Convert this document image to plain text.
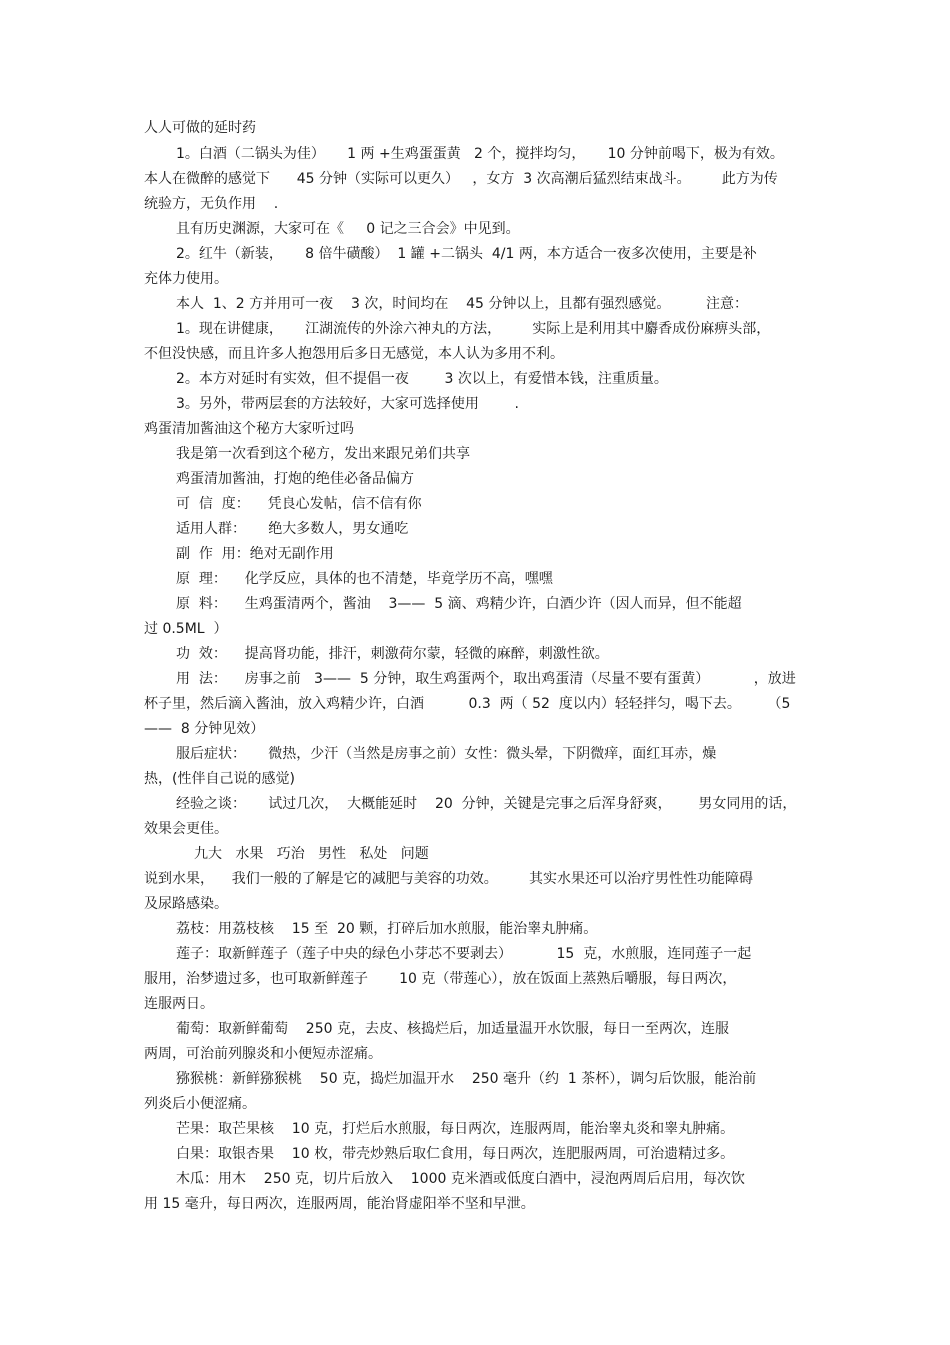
人人可做的延时药

1。白酒（二锅头为佳）     1 两 +生鸡蛋蛋黄   2 个，搅拌均匀，     10 分钟前喝下，极为有效。

本人在微醉的感觉下      45 分钟（实际可以更久）   ，女方  3 次高潮后猛烈结束战斗。       此方为传

统验方，无负作用    .

且有历史渊源，大家可在《     0 记之三合会》中见到。

2。红牛（新装，     8 倍牛磺酸）  1 罐 +二锅头  4/1 两，本方适合一夜多次使用，主要是补

充体力使用。

本人  1、2 方并用可一夜    3 次，时间均在    45 分钟以上，且都有强烈感觉。        注意：

1。现在讲健康，     江湖流传的外涂六神丸的方法，       实际上是利用其中麝香成份麻痹头部，

不但没快感，而且许多人抱怨用后多日无感觉，本人认为多用不利。

2。本方对延时有实效，但不提倡一夜        3 次以上，有爱惜本钱，注重质量。

3。另外，带两层套的方法较好，大家可选择使用        .

鸡蛋清加酱油这个秘方大家听过吗

我是第一次看到这个秘方，发出来跟兄弟们共享

鸡蛋清加酱油，打炮的绝佳必备品偏方

可  信  度：    凭良心发帖，信不信有你

适用人群：     绝大多数人，男女通吃

副  作  用：绝对无副作用

原  理：    化学反应，具体的也不清楚，毕竟学历不高，嘿嘿

原  料：    生鸡蛋清两个，酱油    3——  5 滴、鸡精少许，白酒少许（因人而异，但不能超

过 0.5ML  ）

功  效：    提高肾功能，排汗，刺激荷尔蒙，轻微的麻醉，刺激性欲。

用  法：    房事之前   3——  5 分钟，取生鸡蛋两个，取出鸡蛋清（尽量不要有蛋黄）          ，放进

杯子里，然后滴入酱油，放入鸡精少许，白酒          0.3  两（ 52  度以内）轻轻拌匀，喝下去。      （5

——  8 分钟见效）

服后症状：     微热，少汗（当然是房事之前）女性：微头晕，下阴微痒，面红耳赤，燥

热，(性伴自己说的感觉)

经验之谈：     试过几次，  大概能延时    20  分钟，关键是完事之后浑身舒爽，      男女同用的话，

效果会更佳。

九大   水果   巧治   男性   私处   问题

说到水果，    我们一般的了解是它的减肥与美容的功效。       其实水果还可以治疗男性性功能障碍

及尿路感染。

荔枝：用荔枝核    15 至  20 颗，打碎后加水煎服，能治睾丸肿痛。

莲子：取新鲜莲子（莲子中央的绿色小芽芯不要剥去）          15  克，水煎服，连同莲子一起

服用，治梦遗过多，也可取新鲜莲子       10 克（带莲心），放在饭面上蒸熟后嚼服，每日两次，

连服两日。

葡萄：取新鲜葡萄    250 克，去皮、核捣烂后，加适量温开水饮服，每日一至两次，连服

两周，可治前列腺炎和小便短赤涩痛。

猕猴桃：新鲜猕猴桃    50 克，捣烂加温开水    250 毫升（约  1 茶杯），调匀后饮服，能治前

列炎后小便涩痛。

芒果：取芒果核    10 克，打烂后水煎服，每日两次，连服两周，能治睾丸炎和睾丸肿痛。

白果：取银杏果    10 枚，带壳炒熟后取仁食用，每日两次，连肥服两周，可治遗精过多。

木瓜：用木    250 克，切片后放入    1000 克米酒或低度白酒中，浸泡两周后启用，每次饮

用 15 毫升，每日两次，连服两周，能治肾虚阳举不坚和早泄。
